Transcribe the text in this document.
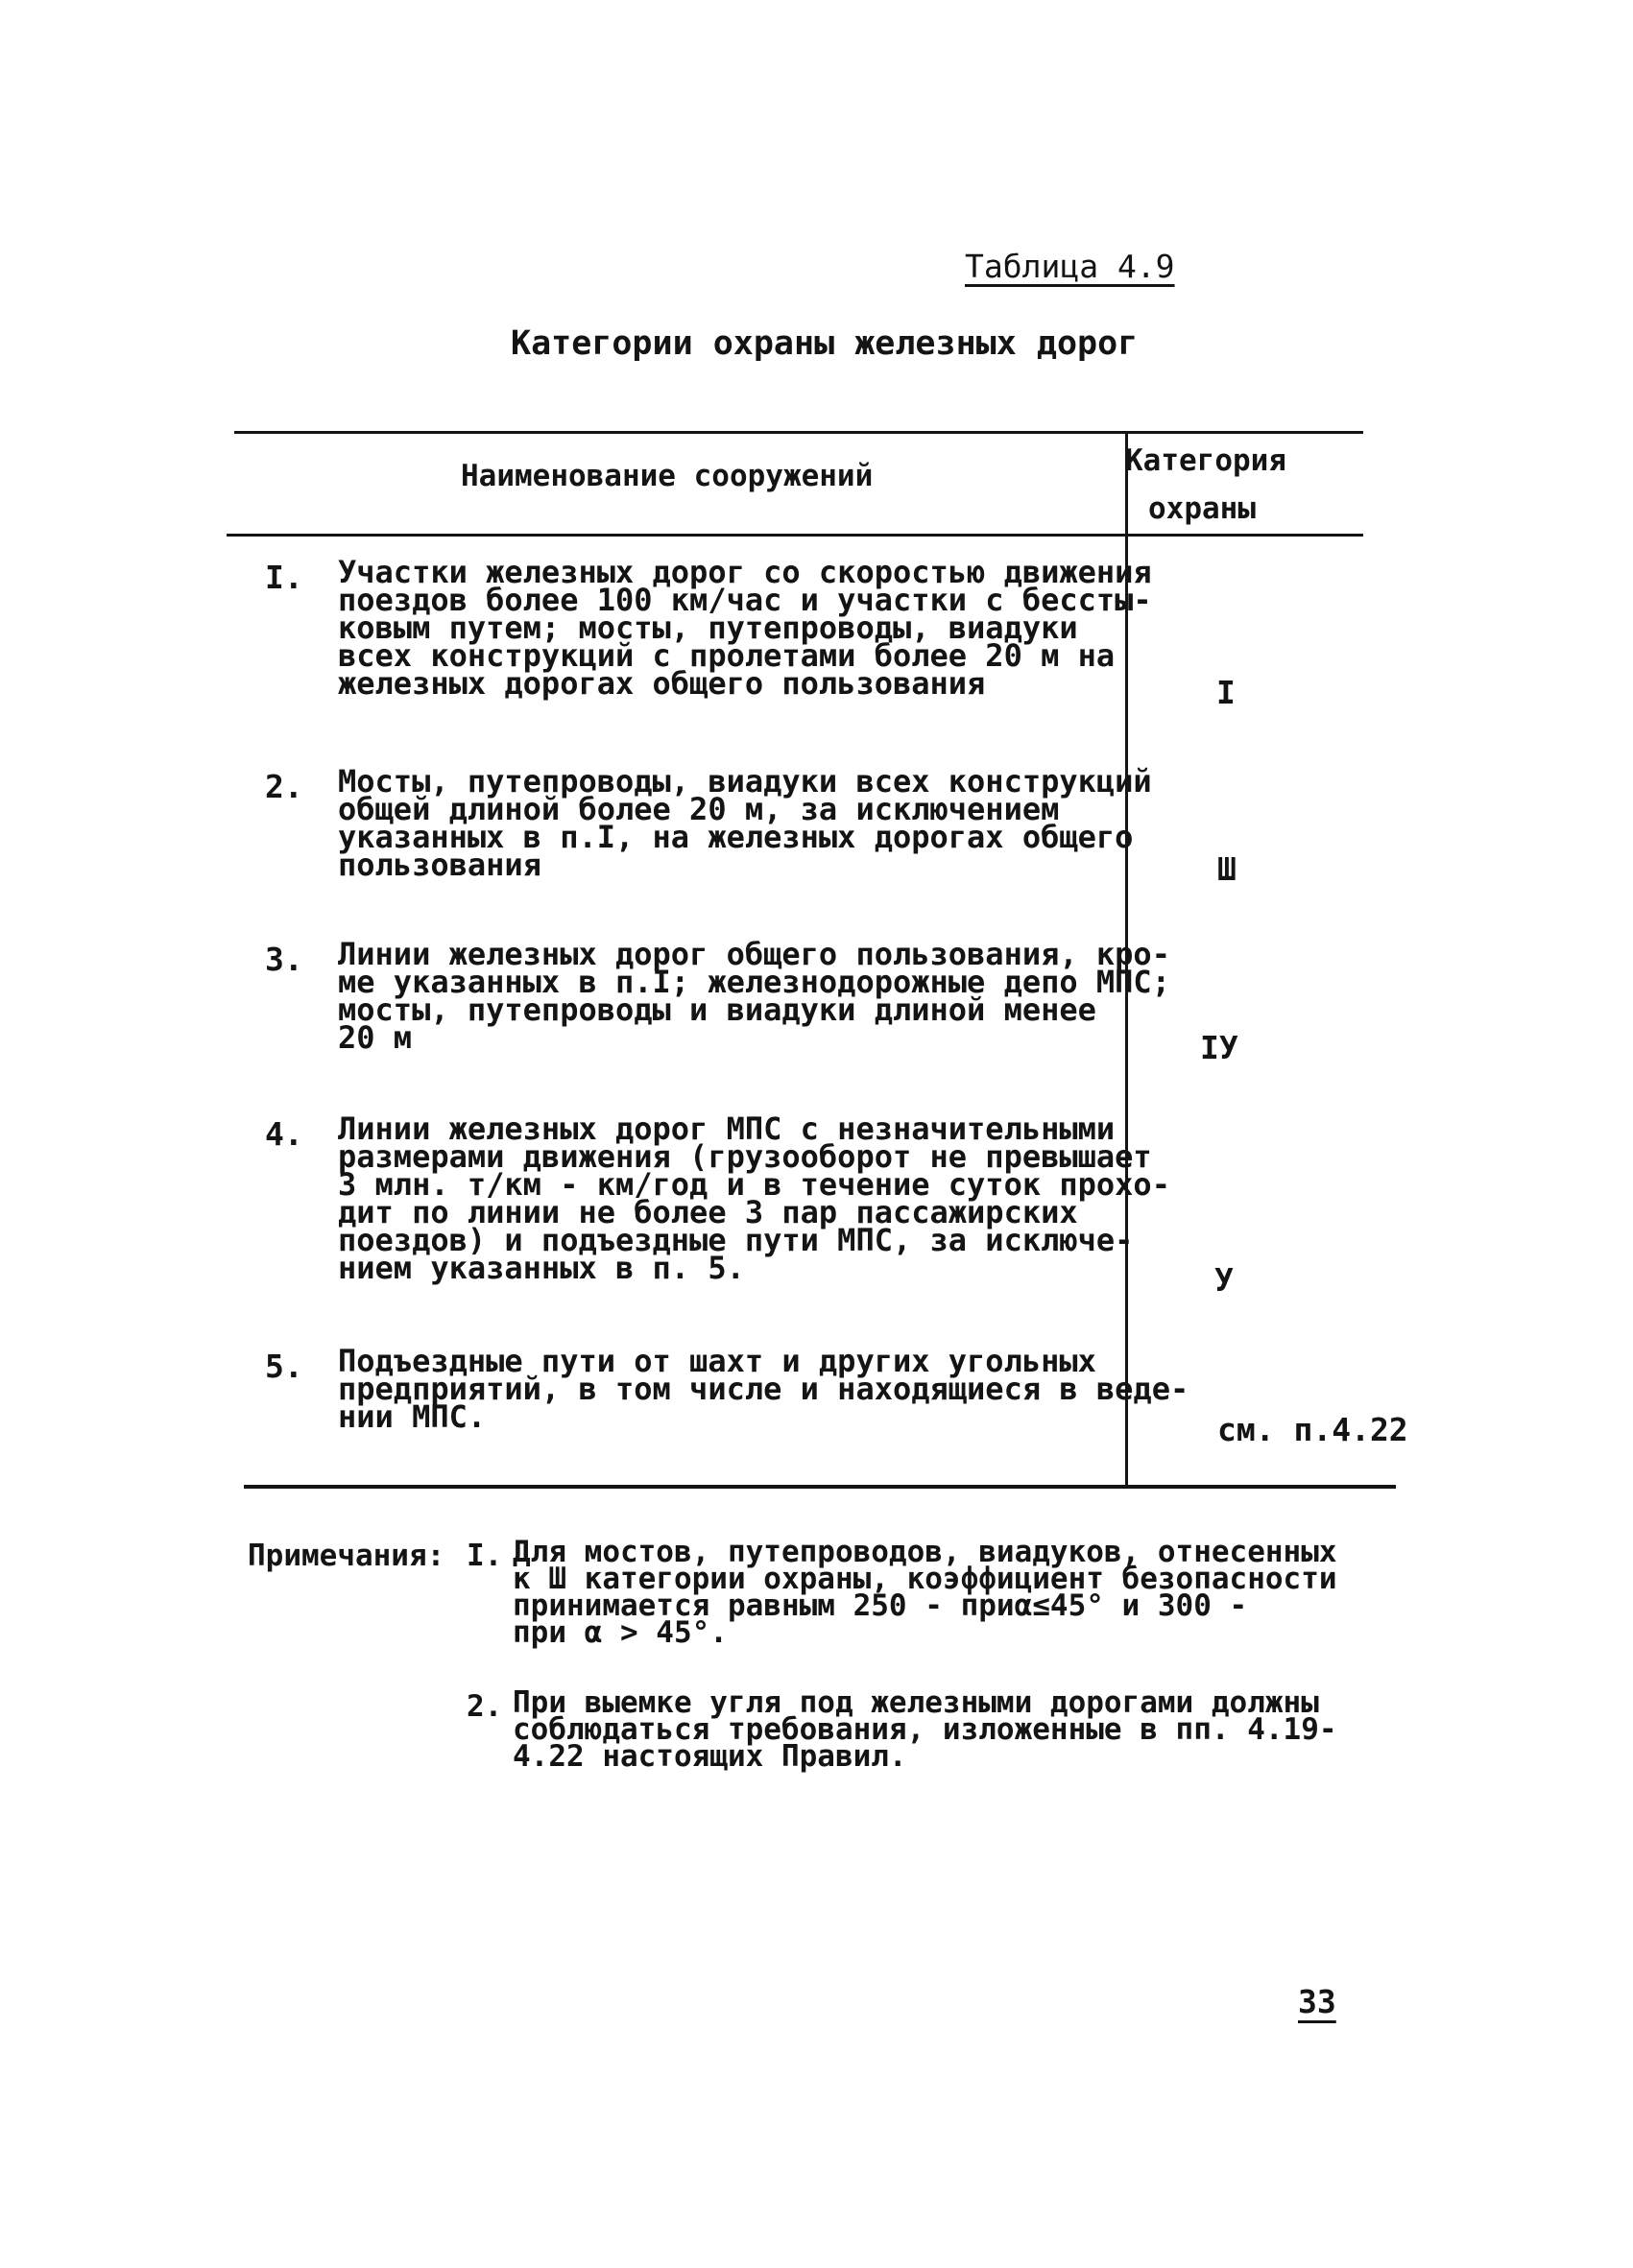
Таблица 4.9
Категории охраны железных дорог
Наименование сооружений	Категория
охраны
I. Участки железных дорог со скоростью движения
поездов более 100 км/час и участки с бессты-
ковым путем; мосты, путепроводы, виадуки
всех конструкций с пролетами более 20 м на
железных дорогах общего пользования	I
2. Мосты, путепроводы, виадуки всех конструкций
общей длиной более 20 м, за исключением
указанных в п.I, на железных дорогах общего
пользования	Ш
3. Линии железных дорог общего пользования, кро-
ме указанных в п.I; железнодорожные депо МПС;
мосты, путепроводы и виадуки длиной менее
20 м	IУ
4. Линии железных дорог МПС с незначительными
размерами движения (грузооборот не превышает
3 млн. т/км - км/год и в течение суток прохо-
дит по линии не более 3 пар пассажирских
поездов) и подъездные пути МПС, за исключе-
нием указанных в п. 5.	У
5. Подъездные пути от шахт и других угольных
предприятий, в том числе и находящиеся в веде-
нии МПС.	см. п.4.22
Примечания: I. Для мостов, путепроводов, виадуков, отнесенных
к Ш категории охраны, коэффициент безопасности
принимается равным 250 - приα≤45° и 300 -
при α > 45°.
2. При выемке угля под железными дорогами должны
соблюдаться требования, изложенные в пп. 4.19-
4.22 настоящих Правил.
33
